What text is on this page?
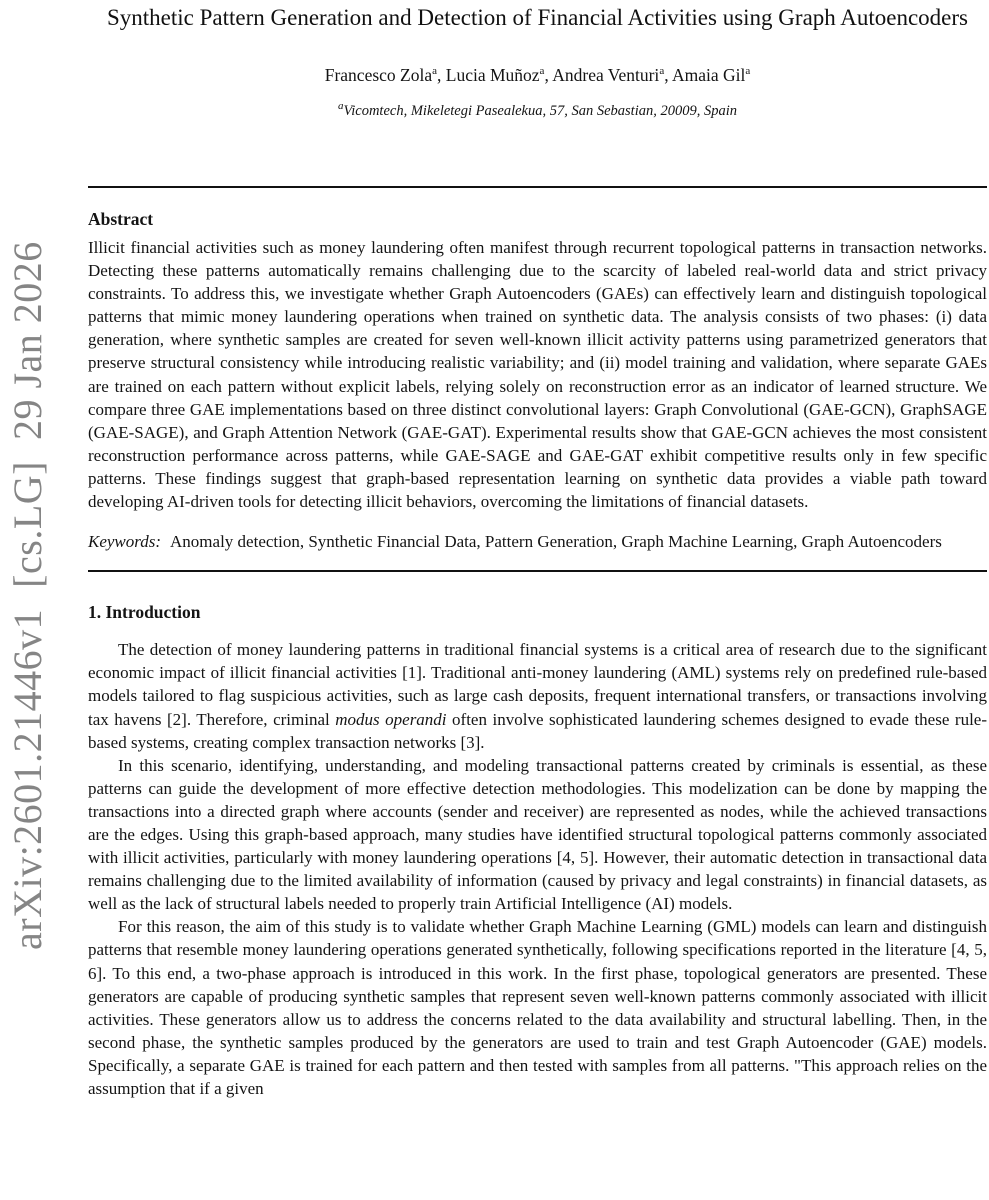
arXiv:2601.21446v1  [cs.LG]  29 Jan 2026
Synthetic Pattern Generation and Detection of Financial Activities using Graph Autoencoders
Francesco Zola$^a$, Lucia Muñoz$^a$, Andrea Venturi$^a$, Amaia Gil$^a$
$^a$Vicomtech, Mikeletegi Pasealekua, 57, San Sebastian, 20009, Spain
Abstract

Illicit financial activities such as money laundering often manifest through recurrent topological patterns in transaction networks. Detecting these patterns automatically remains challenging due to the scarcity of labeled real-world data and strict privacy constraints. To address this, we investigate whether Graph Autoencoders (GAEs) can effectively learn and distinguish topological patterns that mimic money laundering operations when trained on synthetic data. The analysis consists of two phases: (i) data generation, where synthetic samples are created for seven well-known illicit activity patterns using parametrized generators that preserve structural consistency while introducing realistic variability; and (ii) model training and validation, where separate GAEs are trained on each pattern without explicit labels, relying solely on reconstruction error as an indicator of learned structure. We compare three GAE implementations based on three distinct convolutional layers: Graph Convolutional (GAE-GCN), GraphSAGE (GAE-SAGE), and Graph Attention Network (GAE-GAT). Experimental results show that GAE-GCN achieves the most consistent reconstruction performance across patterns, while GAE-SAGE and GAE-GAT exhibit competitive results only in few specific patterns. These findings suggest that graph-based representation learning on synthetic data provides a viable path toward developing AI-driven tools for detecting illicit behaviors, overcoming the limitations of financial datasets.

Keywords: Anomaly detection, Synthetic Financial Data, Pattern Generation, Graph Machine Learning, Graph Autoencoders

1. Introduction

The detection of money laundering patterns in traditional financial systems is a critical area of research due to the significant economic impact of illicit financial activities [1]. Traditional anti-money laundering (AML) systems rely on predefined rule-based models tailored to flag suspicious activities, such as large cash deposits, frequent international transfers, or transactions involving tax havens [2]. Therefore, criminal modus operandi often involve sophisticated laundering schemes designed to evade these rule-based systems, creating complex transaction networks [3].

In this scenario, identifying, understanding, and modeling transactional patterns created by criminals is essential, as these patterns can guide the development of more effective detection methodologies. This modelization can be done by mapping the transactions into a directed graph where accounts (sender and receiver) are represented as nodes, while the achieved transactions are the edges. Using this graph-based approach, many studies have identified structural topological patterns commonly associated with illicit activities, particularly with money laundering operations [4, 5]. However, their automatic detection in transactional data remains challenging due to the limited availability of information (caused by privacy and legal constraints) in financial datasets, as well as the lack of structural labels needed to properly train Artificial Intelligence (AI) models.

For this reason, the aim of this study is to validate whether Graph Machine Learning (GML) models can learn and distinguish patterns that resemble money laundering operations generated synthetically, following specifications reported in the literature [4, 5, 6]. To this end, a two-phase approach is introduced in this work. In the first phase, topological generators are presented. These generators are capable of producing synthetic samples that represent seven well-known patterns commonly associated with illicit activities. These generators allow us to address the concerns related to the data availability and structural labelling. Then, in the second phase, the synthetic samples produced by the generators are used to train and test Graph Autoencoder (GAE) models. Specifically, a separate GAE is trained for each pattern and then tested with samples from all patterns. "This approach relies on the assumption that if a given
